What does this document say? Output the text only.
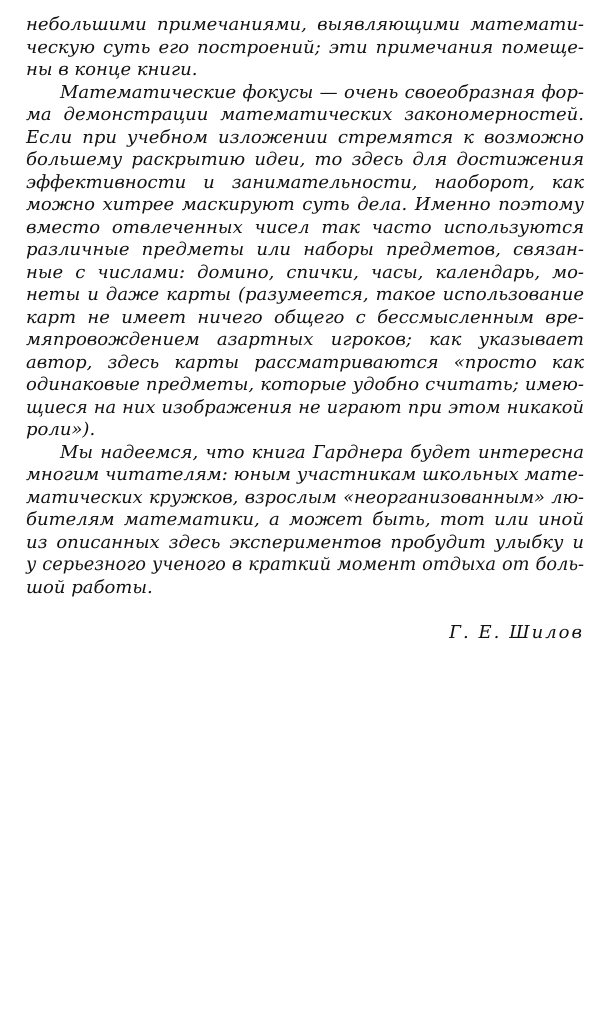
небольшими примечаниями, выявляющими математи-
ческую суть его построений; эти примечания помеще-
ны в конце книги.
Математические фокусы — очень своеобразная фор-
ма демонстрации математических закономерностей.
Если при учебном изложении стремятся к возможно
большему раскрытию идеи, то здесь для достижения
эффективности и занимательности, наоборот, как
можно хитрее маскируют суть дела. Именно поэтому
вместо отвлеченных чисел так часто используются
различные предметы или наборы предметов, связан-
ные с числами: домино, спички, часы, календарь, мо-
неты и даже карты (разумеется, такое использование
карт не имеет ничего общего с бессмысленным вре-
мяпровождением азартных игроков; как указывает
автор, здесь карты рассматриваются «просто как
одинаковые предметы, которые удобно считать; имею-
щиеся на них изображения не играют при этом никакой
роли»).
Мы надеемся, что книга Гарднера будет интересна
многим читателям: юным участникам школьных мате-
матических кружков, взрослым «неорганизованным» лю-
бителям математики, а может быть, тот или иной
из описанных здесь экспериментов пробудит улыбку и
у серьезного ученого в краткий момент отдыха от боль-
шой работы.
Г. Е. Шилов
